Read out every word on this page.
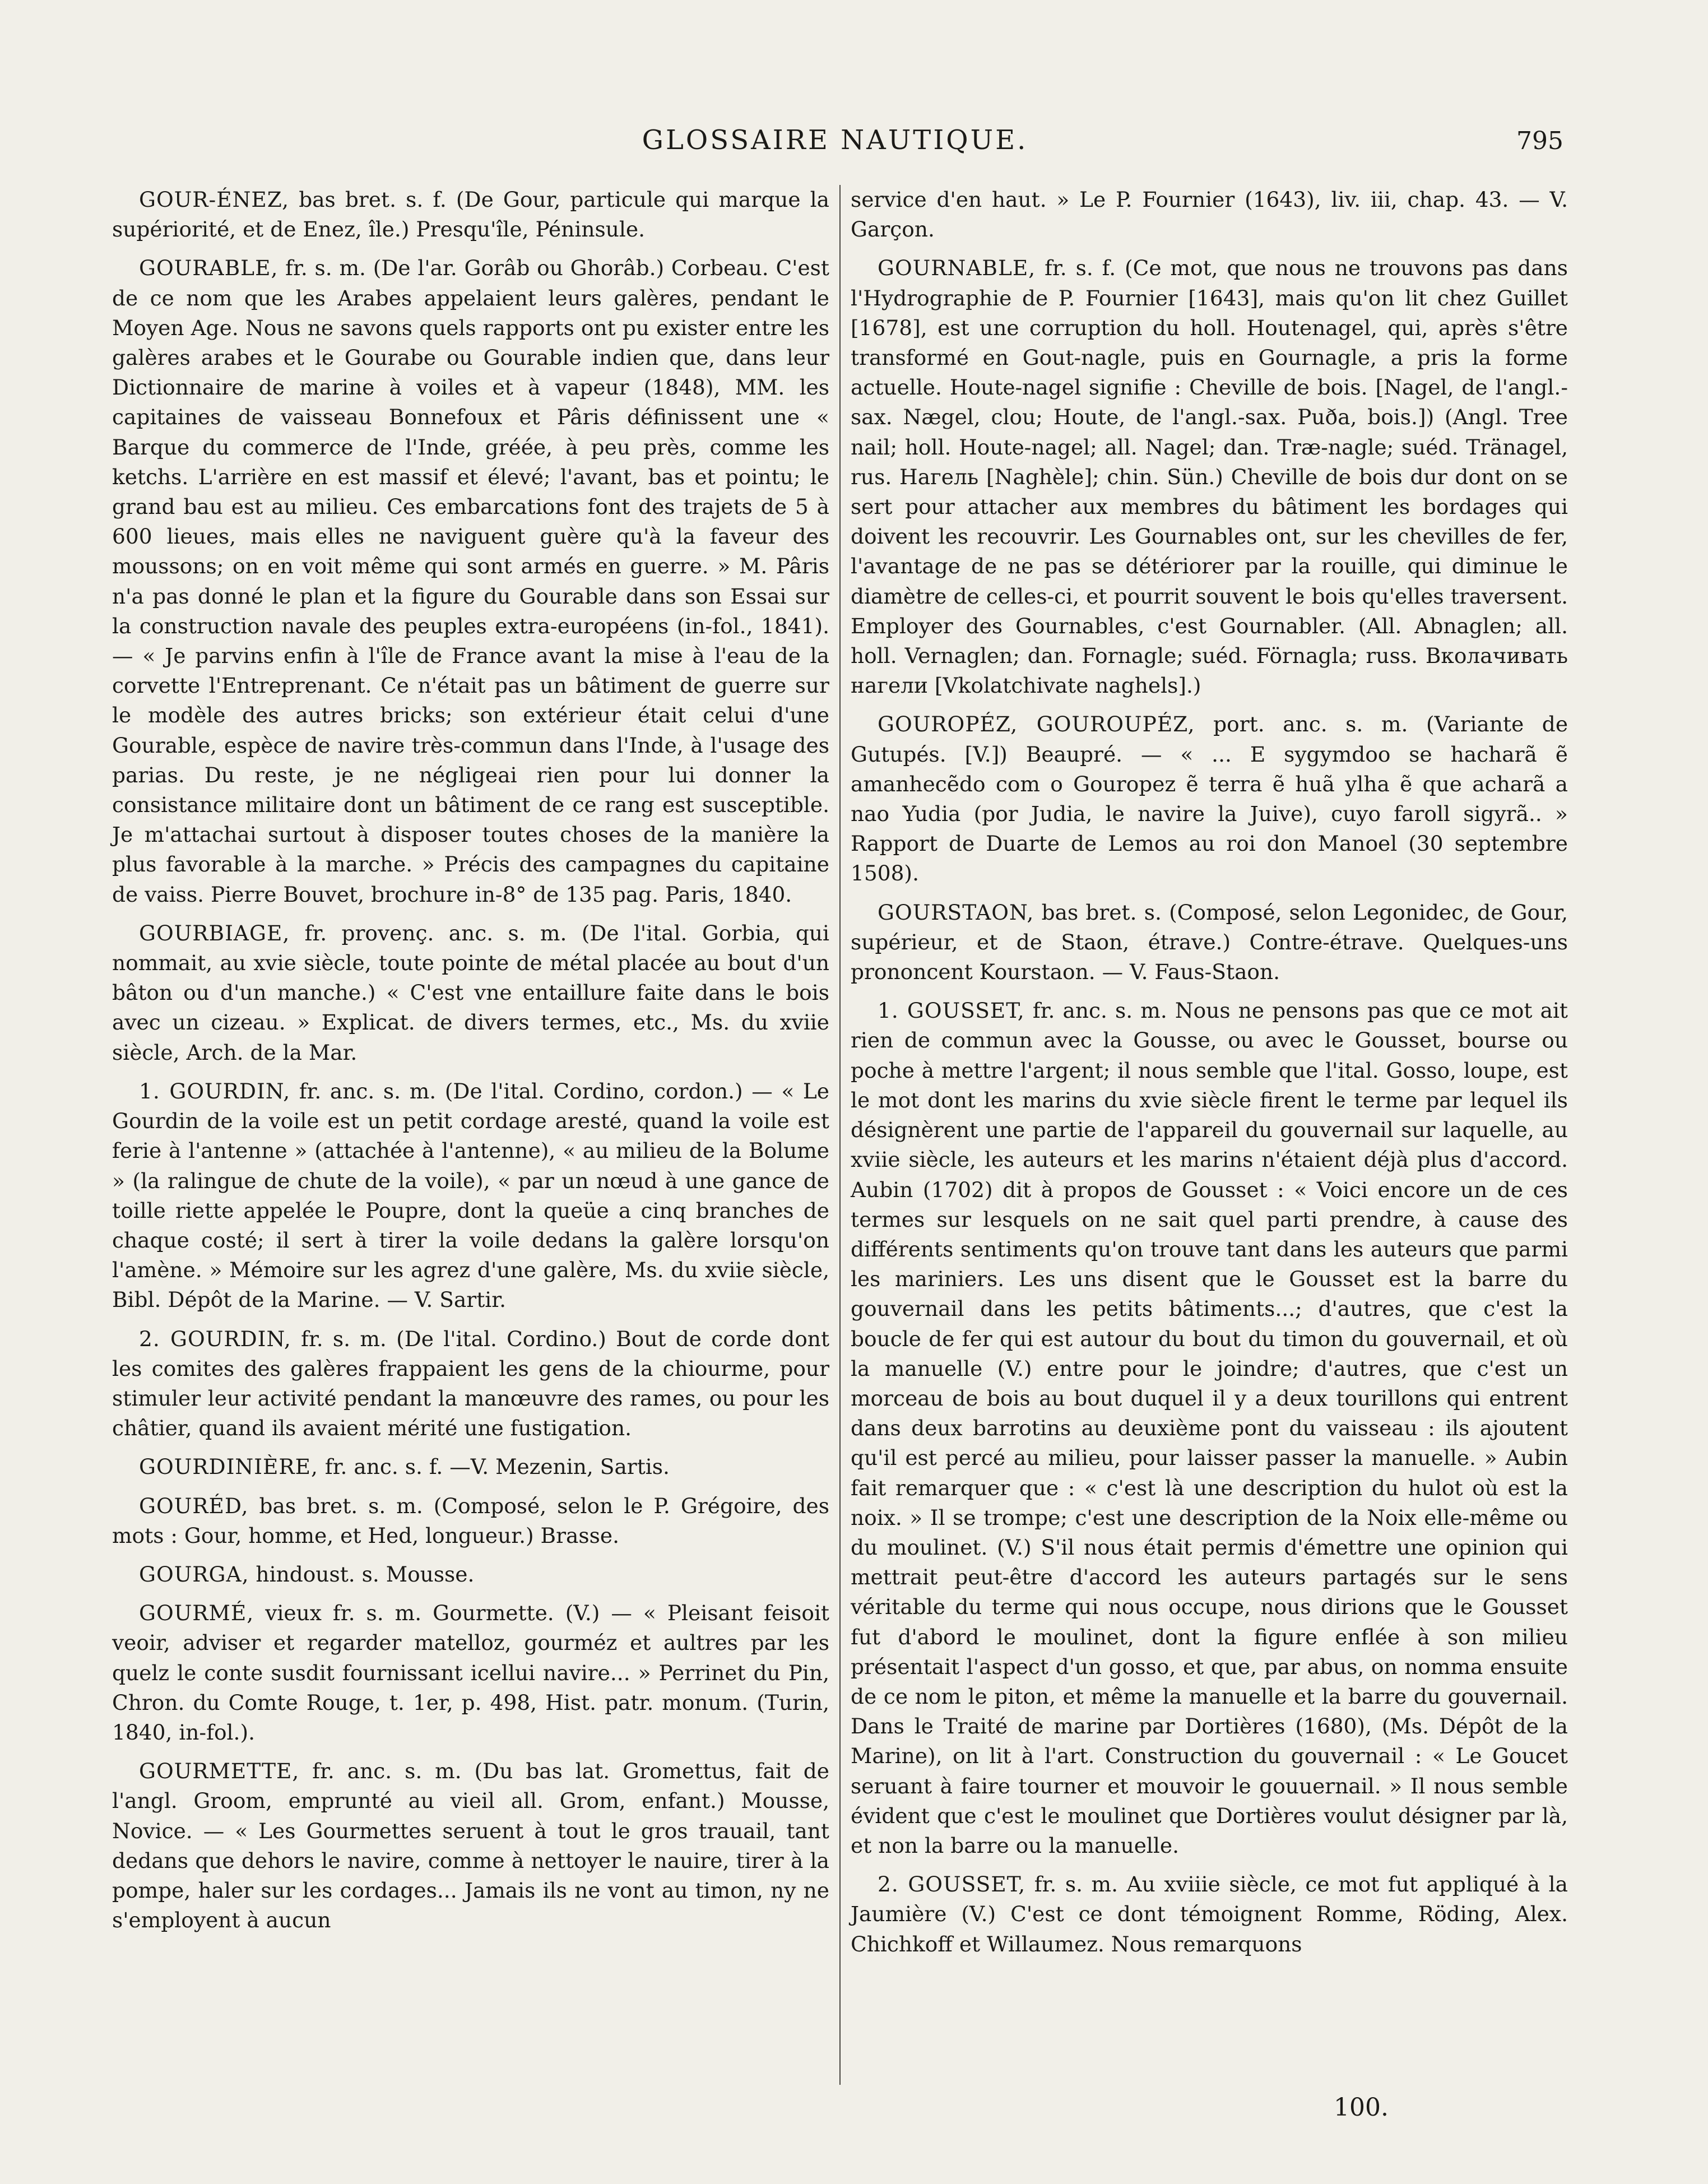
GLOSSAIRE NAUTIQUE.	795

GOUR-ÉNEZ, bas bret. s. f. (De Gour, particule qui marque la supériorité, et de Enez, île.) Presqu'île, Péninsule.

GOURABLE, fr. s. m. (De l'ar. Gorâb ou Ghorâb.) Corbeau. C'est de ce nom que les Arabes appelaient leurs galères, pendant le Moyen Age. Nous ne savons quels rapports ont pu exister entre les galères arabes et le Gourabe ou Gourable indien que, dans leur Dictionnaire de marine à voiles et à vapeur (1848), MM. les capitaines de vaisseau Bonnefoux et Pâris définissent une « Barque du commerce de l'Inde, gréée, à peu près, comme les ketchs. L'arrière en est massif et élevé; l'avant, bas et pointu; le grand bau est au milieu. Ces embarcations font des trajets de 5 à 600 lieues, mais elles ne naviguent guère qu'à la faveur des moussons; on en voit même qui sont armés en guerre. » M. Pâris n'a pas donné le plan et la figure du Gourable dans son Essai sur la construction navale des peuples extra-européens (in-fol., 1841). — « Je parvins enfin à l'île de France avant la mise à l'eau de la corvette l'Entreprenant. Ce n'était pas un bâtiment de guerre sur le modèle des autres bricks; son extérieur était celui d'une Gourable, espèce de navire très-commun dans l'Inde, à l'usage des parias. Du reste, je ne négligeai rien pour lui donner la consistance militaire dont un bâtiment de ce rang est susceptible. Je m'attachai surtout à disposer toutes choses de la manière la plus favorable à la marche. » Précis des campagnes du capitaine de vaiss. Pierre Bouvet, brochure in-8° de 135 pag. Paris, 1840.

GOURBIAGE, fr. provenç. anc. s. m. (De l'ital. Gorbia, qui nommait, au xvie siècle, toute pointe de métal placée au bout d'un bâton ou d'un manche.) « C'est vne entaillure faite dans le bois avec un cizeau. » Explicat. de divers termes, etc., Ms. du xviie siècle, Arch. de la Mar.

1. GOURDIN, fr. anc. s. m. (De l'ital. Cordino, cordon.) — « Le Gourdin de la voile est un petit cordage aresté, quand la voile est ferie à l'antenne » (attachée à l'antenne), « au milieu de la Bolume » (la ralingue de chute de la voile), « par un nœud à une gance de toille riette appelée le Poupre, dont la queüe a cinq branches de chaque costé; il sert à tirer la voile dedans la galère lorsqu'on l'amène. » Mémoire sur les agrez d'une galère, Ms. du xviie siècle, Bibl. Dépôt de la Marine. — V. Sartir.

2. GOURDIN, fr. s. m. (De l'ital. Cordino.) Bout de corde dont les comites des galères frappaient les gens de la chiourme, pour stimuler leur activité pendant la manœuvre des rames, ou pour les châtier, quand ils avaient mérité une fustigation.

GOURDINIÈRE, fr. anc. s. f. —V. Mezenin, Sartis.

GOURÉD, bas bret. s. m. (Composé, selon le P. Grégoire, des mots : Gour, homme, et Hed, longueur.) Brasse.

GOURGA, hindoust. s. Mousse.

GOURMÉ, vieux fr. s. m. Gourmette. (V.) — « Pleisant feisoit veoir, adviser et regarder matelloz, gourméz et aultres par les quelz le conte susdit fournissant icellui navire... » Perrinet du Pin, Chron. du Comte Rouge, t. 1er, p. 498, Hist. patr. monum. (Turin, 1840, in-fol.).

GOURMETTE, fr. anc. s. m. (Du bas lat. Gromettus, fait de l'angl. Groom, emprunté au vieil all. Grom, enfant.) Mousse, Novice. — « Les Gourmettes seruent à tout le gros trauail, tant dedans que dehors le navire, comme à nettoyer le nauire, tirer à la pompe, haler sur les cordages... Jamais ils ne vont au timon, ny ne s'employent à aucun

service d'en haut. » Le P. Fournier (1643), liv. iii, chap. 43. — V. Garçon.

GOURNABLE, fr. s. f. (Ce mot, que nous ne trouvons pas dans l'Hydrographie de P. Fournier [1643], mais qu'on lit chez Guillet [1678], est une corruption du holl. Houtenagel, qui, après s'être transformé en Gout-nagle, puis en Gournagle, a pris la forme actuelle. Houte-nagel signifie : Cheville de bois. [Nagel, de l'angl.-sax. Nægel, clou; Houte, de l'angl.-sax. Puða, bois.]) (Angl. Tree nail; holl. Houte-nagel; all. Nagel; dan. Træ-nagle; suéd. Tränagel, rus. Нагель [Naghèle]; chin. Sün.) Cheville de bois dur dont on se sert pour attacher aux membres du bâtiment les bordages qui doivent les recouvrir. Les Gournables ont, sur les chevilles de fer, l'avantage de ne pas se détériorer par la rouille, qui diminue le diamètre de celles-ci, et pourrit souvent le bois qu'elles traversent. Employer des Gournables, c'est Gournabler. (All. Abnaglen; all. holl. Vernaglen; dan. Fornagle; suéd. Förnagla; russ. Вколачивать нагели [Vkolatchivate naghels].)

GOUROPÉZ, GOUROUPÉZ, port. anc. s. m. (Variante de Gutupés. [V.]) Beaupré. — « ... E sygymdoo se hacharã ẽ amanhecẽdo com o Gouropez ẽ terra ẽ huã ylha ẽ que acharã a nao Yudia (por Judia, le navire la Juive), cuyo faroll sigyrã.. » Rapport de Duarte de Lemos au roi don Manoel (30 septembre 1508).

GOURSTAON, bas bret. s. (Composé, selon Legonidec, de Gour, supérieur, et de Staon, étrave.) Contre-étrave. Quelques-uns prononcent Kourstaon. — V. Faus-Staon.

1. GOUSSET, fr. anc. s. m. Nous ne pensons pas que ce mot ait rien de commun avec la Gousse, ou avec le Gousset, bourse ou poche à mettre l'argent; il nous semble que l'ital. Gosso, loupe, est le mot dont les marins du xvie siècle firent le terme par lequel ils désignèrent une partie de l'appareil du gouvernail sur laquelle, au xviie siècle, les auteurs et les marins n'étaient déjà plus d'accord. Aubin (1702) dit à propos de Gousset : « Voici encore un de ces termes sur lesquels on ne sait quel parti prendre, à cause des différents sentiments qu'on trouve tant dans les auteurs que parmi les mariniers. Les uns disent que le Gousset est la barre du gouvernail dans les petits bâtiments...; d'autres, que c'est la boucle de fer qui est autour du bout du timon du gouvernail, et où la manuelle (V.) entre pour le joindre; d'autres, que c'est un morceau de bois au bout duquel il y a deux tourillons qui entrent dans deux barrotins au deuxième pont du vaisseau : ils ajoutent qu'il est percé au milieu, pour laisser passer la manuelle. » Aubin fait remarquer que : « c'est là une description du hulot où est la noix. » Il se trompe; c'est une description de la Noix elle-même ou du moulinet. (V.) S'il nous était permis d'émettre une opinion qui mettrait peut-être d'accord les auteurs partagés sur le sens véritable du terme qui nous occupe, nous dirions que le Gousset fut d'abord le moulinet, dont la figure enflée à son milieu présentait l'aspect d'un gosso, et que, par abus, on nomma ensuite de ce nom le piton, et même la manuelle et la barre du gouvernail. Dans le Traité de marine par Dortières (1680), (Ms. Dépôt de la Marine), on lit à l'art. Construction du gouvernail : « Le Goucet seruant à faire tourner et mouvoir le gouuernail. » Il nous semble évident que c'est le moulinet que Dortières voulut désigner par là, et non la barre ou la manuelle.

2. GOUSSET, fr. s. m. Au xviiie siècle, ce mot fut appliqué à la Jaumière (V.) C'est ce dont témoignent Romme, Röding, Alex. Chichkoff et Willaumez. Nous remarquons

100.
